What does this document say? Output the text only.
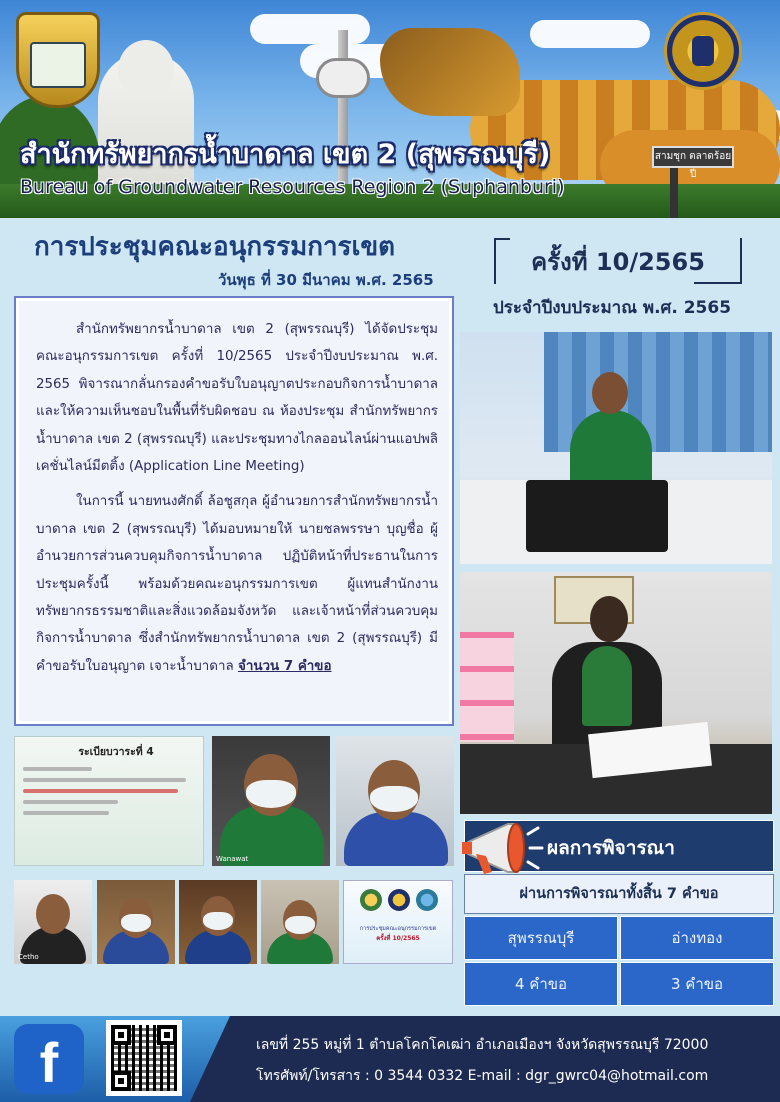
สามชุก ตลาดร้อยปี
สำนักทรัพยากรน้ำบาดาล เขต 2 (สุพรรณบุรี)
Bureau of Groundwater Resources Region 2 (Suphanburi)
การประชุมคณะอนุกรรมการเขต
วันพุธ ที่ 30 มีนาคม พ.ศ. 2565
ครั้งที่ 10/2565
ประจำปีงบประมาณ พ.ศ. 2565

สำนักทรัพยากรน้ำบาดาล เขต 2 (สุพรรณบุรี) ได้จัดประชุมคณะอนุกรรมการเขต ครั้งที่ 10/2565 ประจำปีงบประมาณ พ.ศ. 2565 พิจารณากลั่นกรองคำขอรับใบอนุญาตประกอบกิจการน้ำบาดาล และให้ความเห็นชอบในพื้นที่รับผิดชอบ ณ ห้องประชุม สำนักทรัพยากรน้ำบาดาล เขต 2 (สุพรรณบุรี) และประชุมทางไกลออนไลน์ผ่านแอปพลิเคชั่นไลน์มีตติ้ง (Application Line Meeting)

ในการนี้ นายทนงศักดิ์ ล้อชูสกุล ผู้อำนวยการสำนักทรัพยากรน้ำบาดาล เขต 2 (สุพรรณบุรี) ได้มอบหมายให้ นายชลพรรษา บุญชื่อ ผู้อำนวยการส่วนควบคุมกิจการน้ำบาดาล ปฏิบัติหน้าที่ประธานในการประชุมครั้งนี้ พร้อมด้วยคณะอนุกรรมการเขต ผู้แทนสำนักงานทรัพยากรธรรมชาติและสิ่งแวดล้อมจังหวัด และเจ้าหน้าที่ส่วนควบคุมกิจการน้ำบาดาล ซึ่งสำนักทรัพยากรน้ำบาดาล เขต 2 (สุพรรณบุรี) มีคำขอรับใบอนุญาต เจาะน้ำบาดาล จำนวน 7 คำขอ

ระเบียบวาระที่ 4
Wanawat
Cetho
การประชุมคณะอนุกรรมการเขต
ครั้งที่ 10/2565
ผลการพิจารณา
ผ่านการพิจารณาทั้งสิ้น 7 คำขอ
สุพรรณบุรี	อ่างทอง
4 คำขอ	3 คำขอ
f	เลขที่ 255 หมู่ที่ 1 ตำบลโคกโคเฒ่า อำเภอเมืองฯ จังหวัดสุพรรณบุรี 72000
โทรศัพท์/โทรสาร : 0 3544 0332 E-mail : dgr_gwrc04@hotmail.com
